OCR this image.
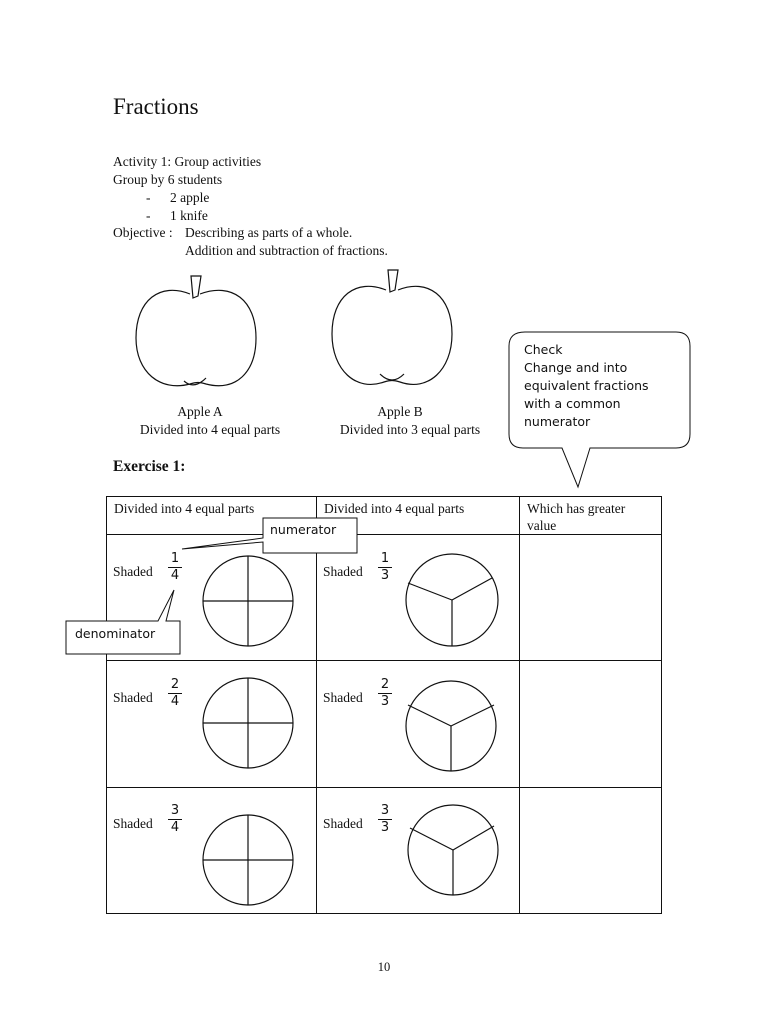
Fractions
Activity 1: Group activities
Group by 6 students
- 2 apple
- 1 knife
Objective : Describing as parts of a whole.
Addition and subtraction of fractions.
Apple A
Divided into 4 equal parts
Apple B
Divided into 3 equal parts
Check
Change and into
equivalent fractions
with a common
numerator
Exercise 1:
Divided into 4 equal parts	Divided into 4 equal parts	Which has greater value
Shaded
1
4
Shaded
2
4
Shaded
3
4
Shaded
1
3
Shaded
2
3
Shaded
3
3
numerator
denominator
10
